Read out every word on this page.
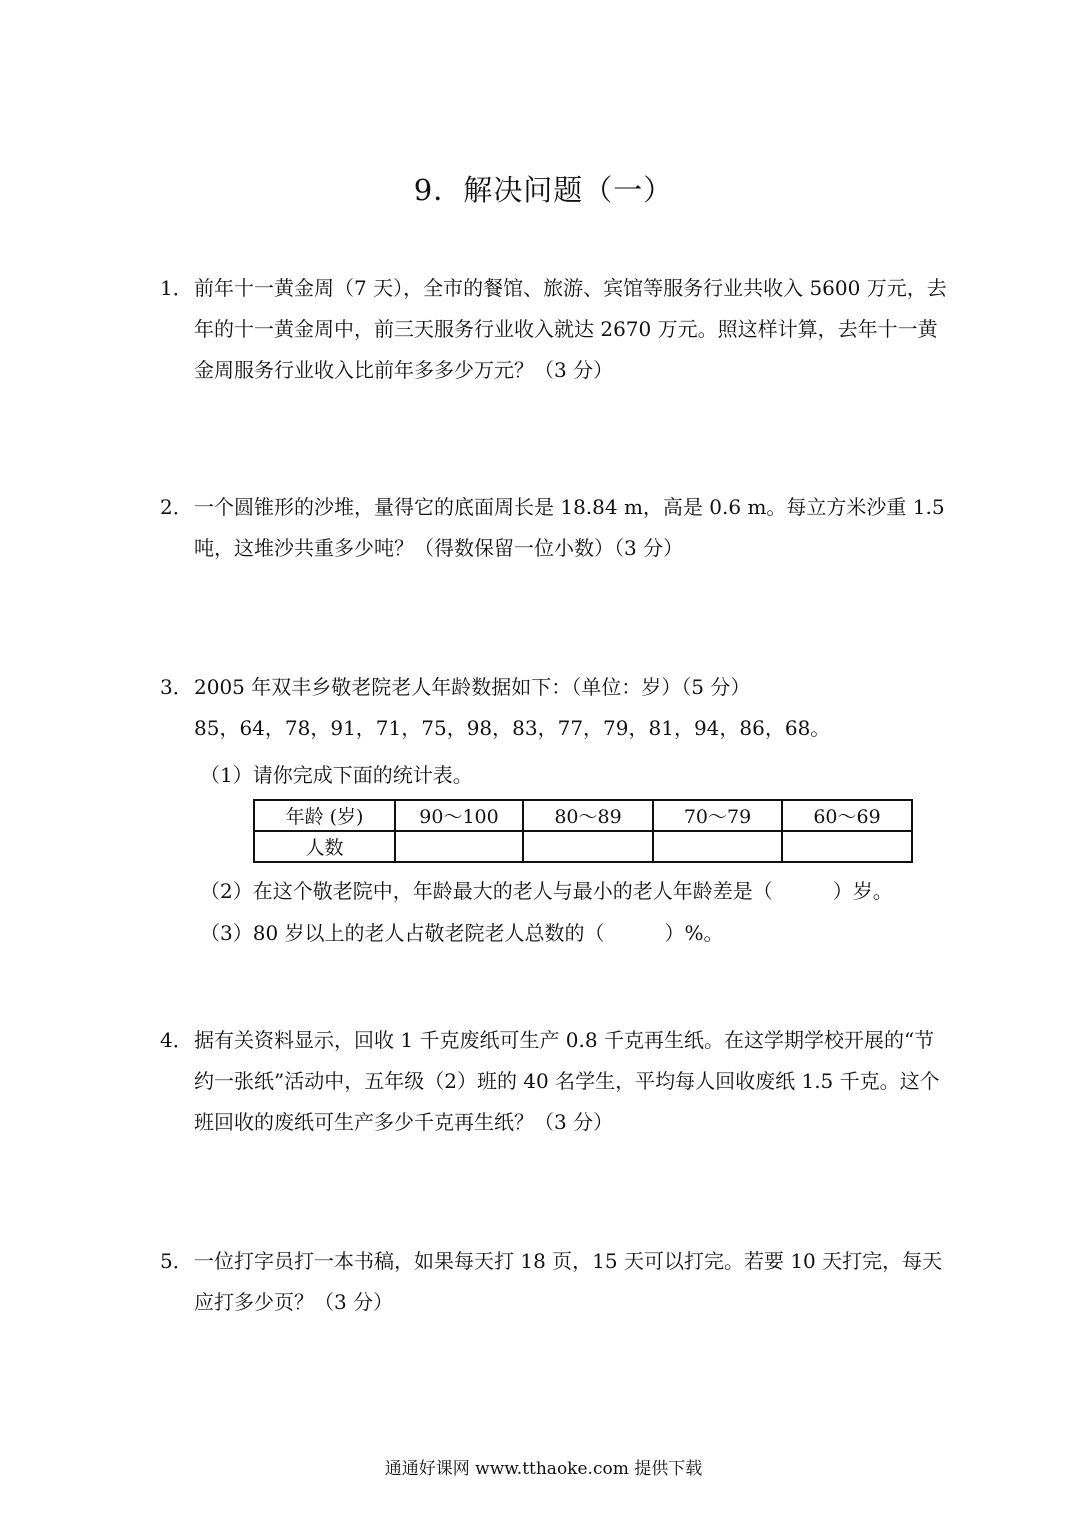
9．解决问题（一）
1． 前年十一黄金周（7 天），全市的餐馆、旅游、宾馆等服务行业共收入 5600 万元，去
年的十一黄金周中，前三天服务行业收入就达 2670 万元。照这样计算，去年十一黄
金周服务行业收入比前年多多少万元？（3 分）
2． 一个圆锥形的沙堆，量得它的底面周长是 18.84 m，高是 0.6 m。每立方米沙重 1.5
吨，这堆沙共重多少吨？（得数保留一位小数）（3 分）
3． 2005 年双丰乡敬老院老人年龄数据如下：（单位：岁）（5 分）
85，64，78，91，71，75，98，83，77，79，81，94，86，68。
（1）请你完成下面的统计表。
年龄 (岁)	90～100	80～89	70～79	60～69
人数				
（2）在这个敬老院中，年龄最大的老人与最小的老人年龄差是（　　　）岁。
（3）80 岁以上的老人占敬老院老人总数的（　　　）%。
4． 据有关资料显示，回收 1 千克废纸可生产 0.8 千克再生纸。在这学期学校开展的“节
约一张纸”活动中，五年级（2）班的 40 名学生，平均每人回收废纸 1.5 千克。这个
班回收的废纸可生产多少千克再生纸？（3 分）
5． 一位打字员打一本书稿，如果每天打 18 页，15 天可以打完。若要 10 天打完，每天
应打多少页？（3 分）
通通好课网 www.tthaoke.com 提供下载
